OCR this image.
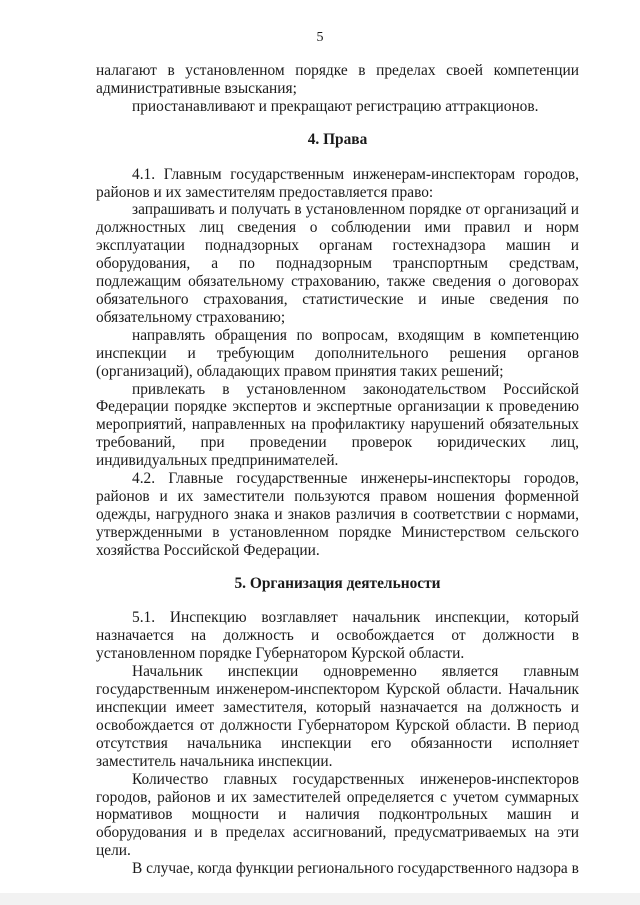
5

налагают в установленном порядке в пределах своей компетенции административные взыскания;

приостанавливают и прекращают регистрацию аттракционов.

4. Права

4.1. Главным государственным инженерам-инспекторам городов, районов и их заместителям предоставляется право:

запрашивать и получать в установленном порядке от организаций и должностных лиц сведения о соблюдении ими правил и норм эксплуатации поднадзорных органам гостехнадзора машин и оборудования, а по поднадзорным транспортным средствам, подлежащим обязательному страхованию, также сведения о договорах обязательного страхования, статистические и иные сведения по обязательному страхованию;

направлять обращения по вопросам, входящим в компетенцию инспекции и требующим дополнительного решения органов (организаций), обладающих правом принятия таких решений;

привлекать в установленном законодательством Российской Федерации порядке экспертов и экспертные организации к проведению мероприятий, направленных на профилактику нарушений обязательных требований, при проведении проверок юридических лиц, индивидуальных предпринимателей.

4.2. Главные государственные инженеры-инспекторы городов, районов и их заместители пользуются правом ношения форменной одежды, нагрудного знака и знаков различия в соответствии с нормами, утвержденными в установленном порядке Министерством сельского хозяйства Российской Федерации.

5. Организация деятельности

5.1. Инспекцию возглавляет начальник инспекции, который назначается на должность и освобождается от должности в установленном порядке Губернатором Курской области.

Начальник инспекции одновременно является главным государственным инженером-инспектором Курской области. Начальник инспекции имеет заместителя, который назначается на должность и освобождается от должности Губернатором Курской области. В период отсутствия начальника инспекции его обязанности исполняет заместитель начальника инспекции.

Количество главных государственных инженеров-инспекторов городов, районов и их заместителей определяется с учетом суммарных нормативов мощности и наличия подконтрольных машин и оборудования и в пределах ассигнований, предусматриваемых на эти цели.

В случае, когда функции регионального государственного надзора в
